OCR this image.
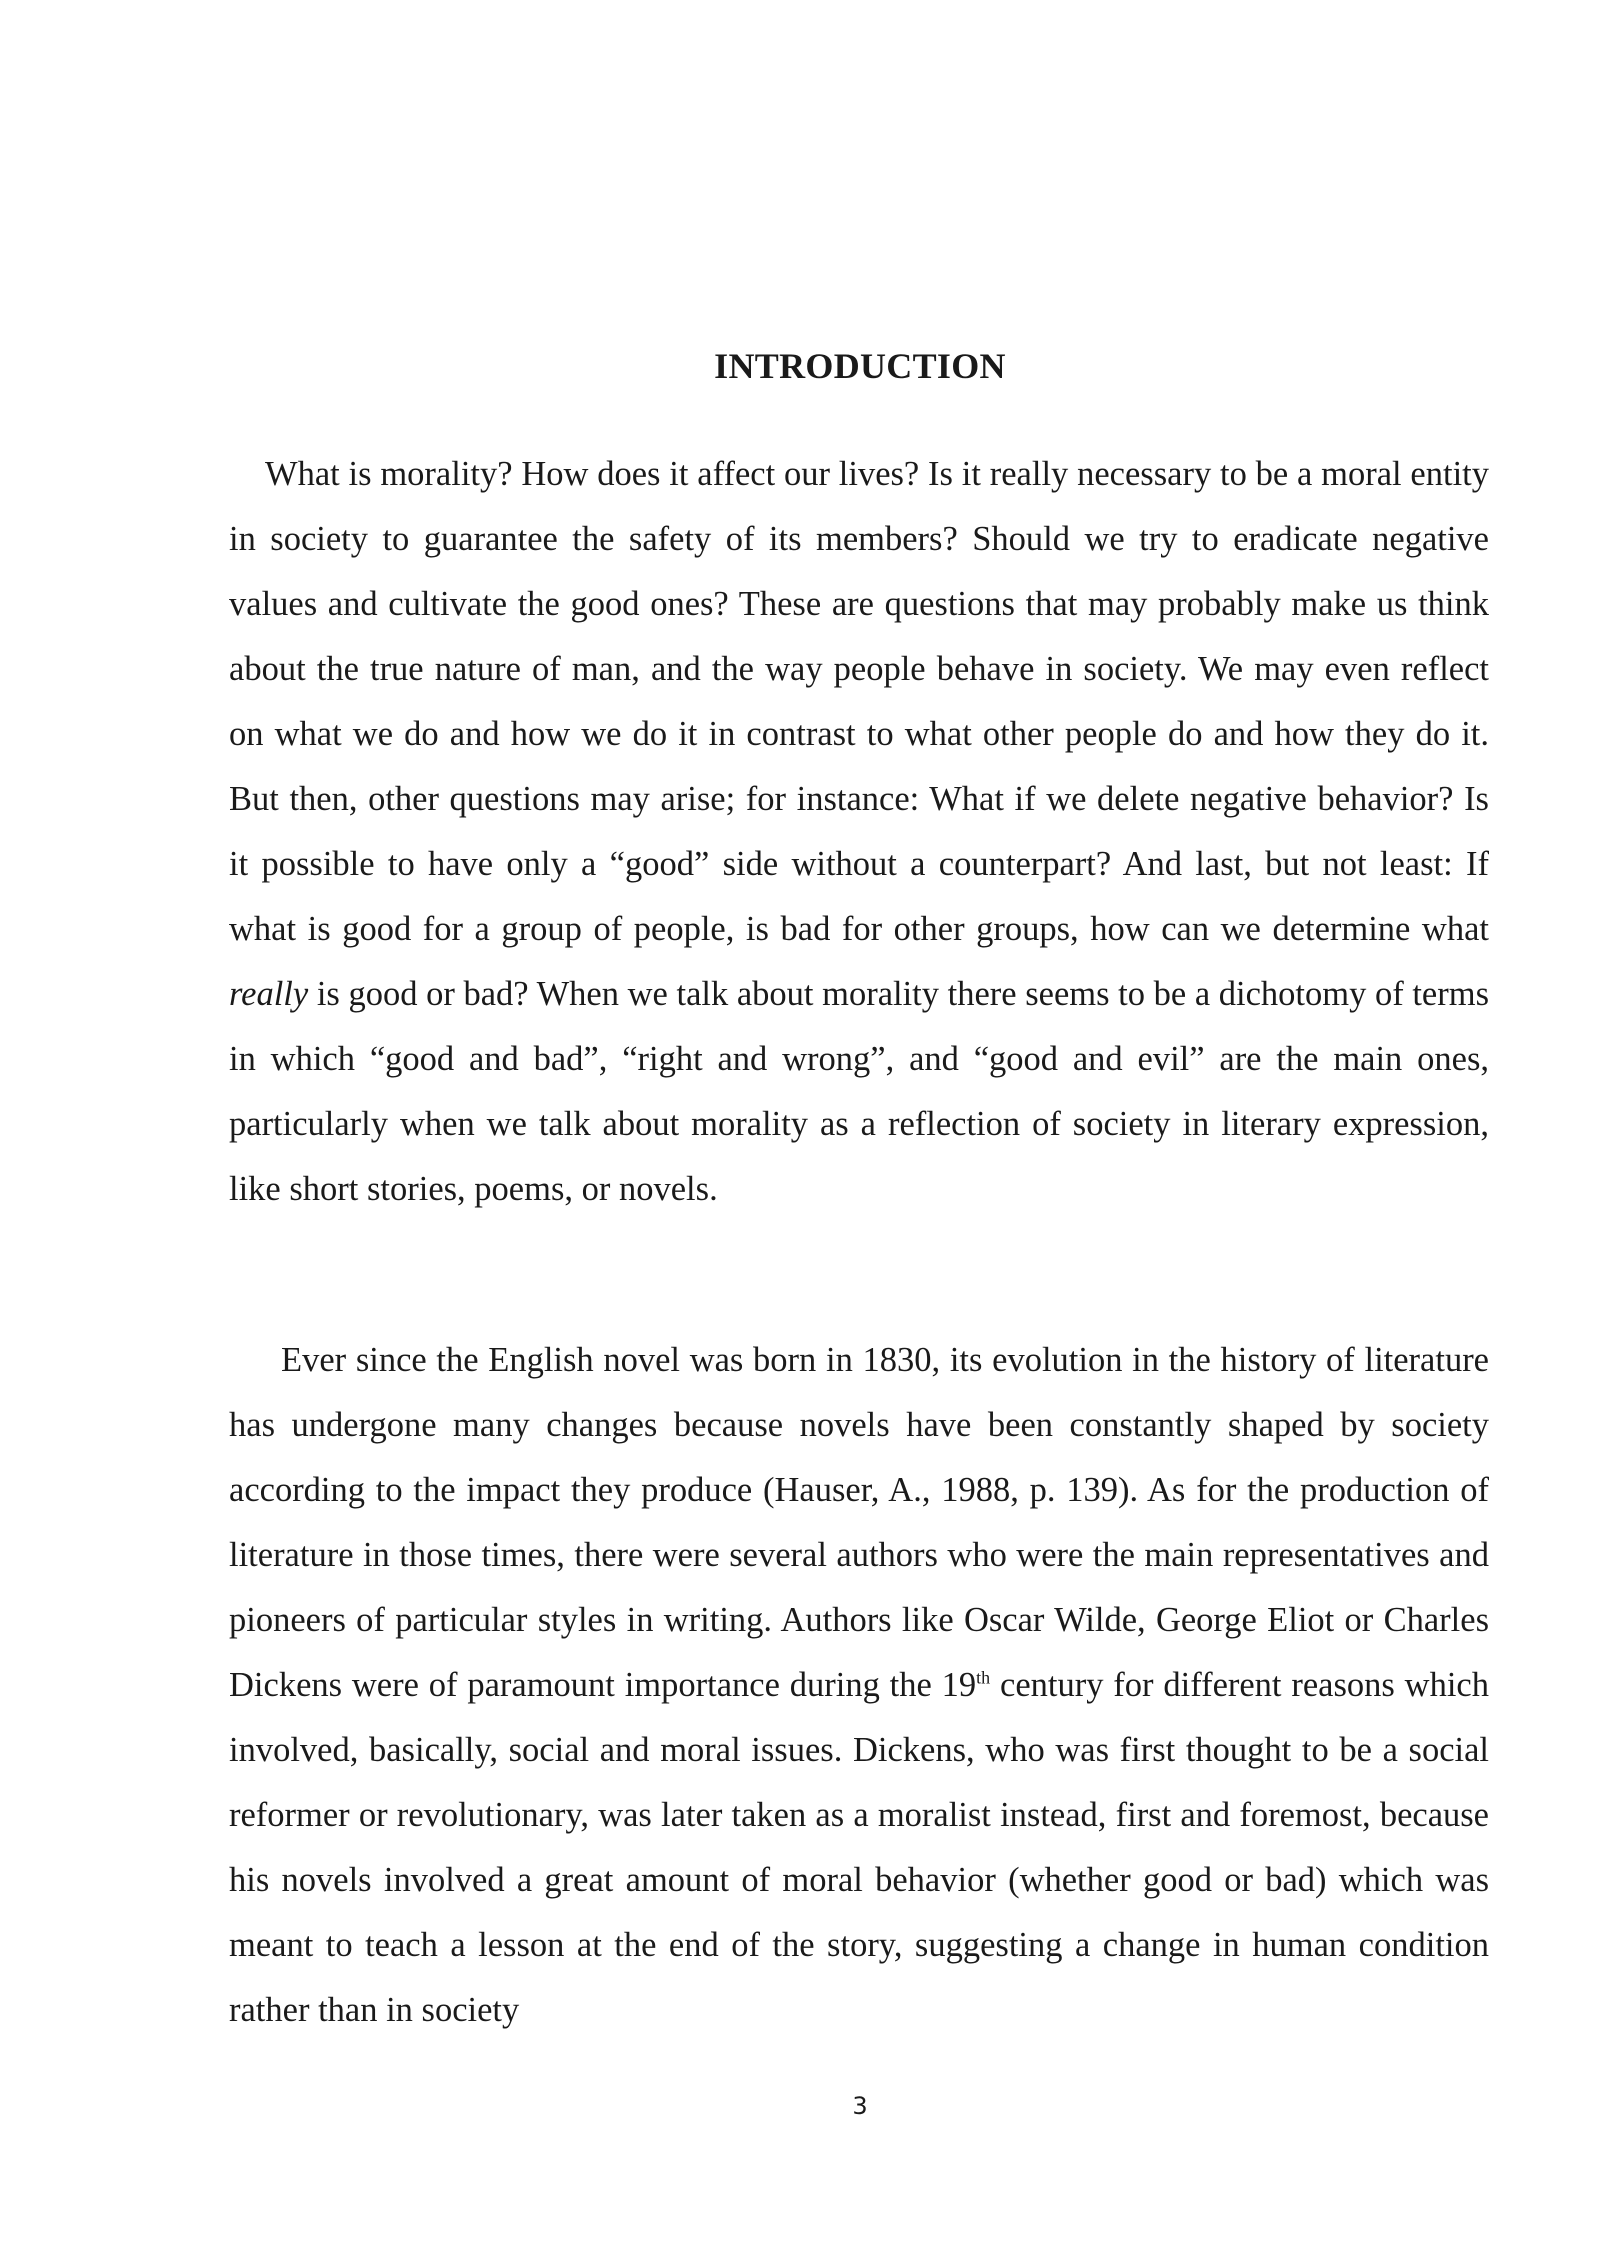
INTRODUCTION

What is morality? How does it affect our lives? Is it really necessary to be a moral entity in society to guarantee the safety of its members? Should we try to eradicate negative values and cultivate the good ones? These are questions that may probably make us think about the true nature of man, and the way people behave in society. We may even reflect on what we do and how we do it in contrast to what other people do and how they do it. But then, other questions may arise; for instance: What if we delete negative behavior? Is it possible to have only a “good” side without a counterpart? And last, but not least: If what is good for a group of people, is bad for other groups, how can we determine what really is good or bad? When we talk about morality there seems to be a dichotomy of terms in which “good and bad”, “right and wrong”, and “good and evil” are the main ones, particularly when we talk about morality as a reflection of society in literary expression, like short stories, poems, or novels.

Ever since the English novel was born in 1830, its evolution in the history of literature has undergone many changes because novels have been constantly shaped by society according to the impact they produce (Hauser, A., 1988, p. 139). As for the production of literature in those times, there were several authors who were the main representatives and pioneers of particular styles in writing. Authors like Oscar Wilde, George Eliot or Charles Dickens were of paramount importance during the 19th century for different reasons which involved, basically, social and moral issues. Dickens, who was first thought to be a social reformer or revolutionary, was later taken as a moralist instead, first and foremost, because his novels involved a great amount of moral behavior (whether good or bad) which was meant to teach a lesson at the end of the story, suggesting a change in human condition rather than in society

3
